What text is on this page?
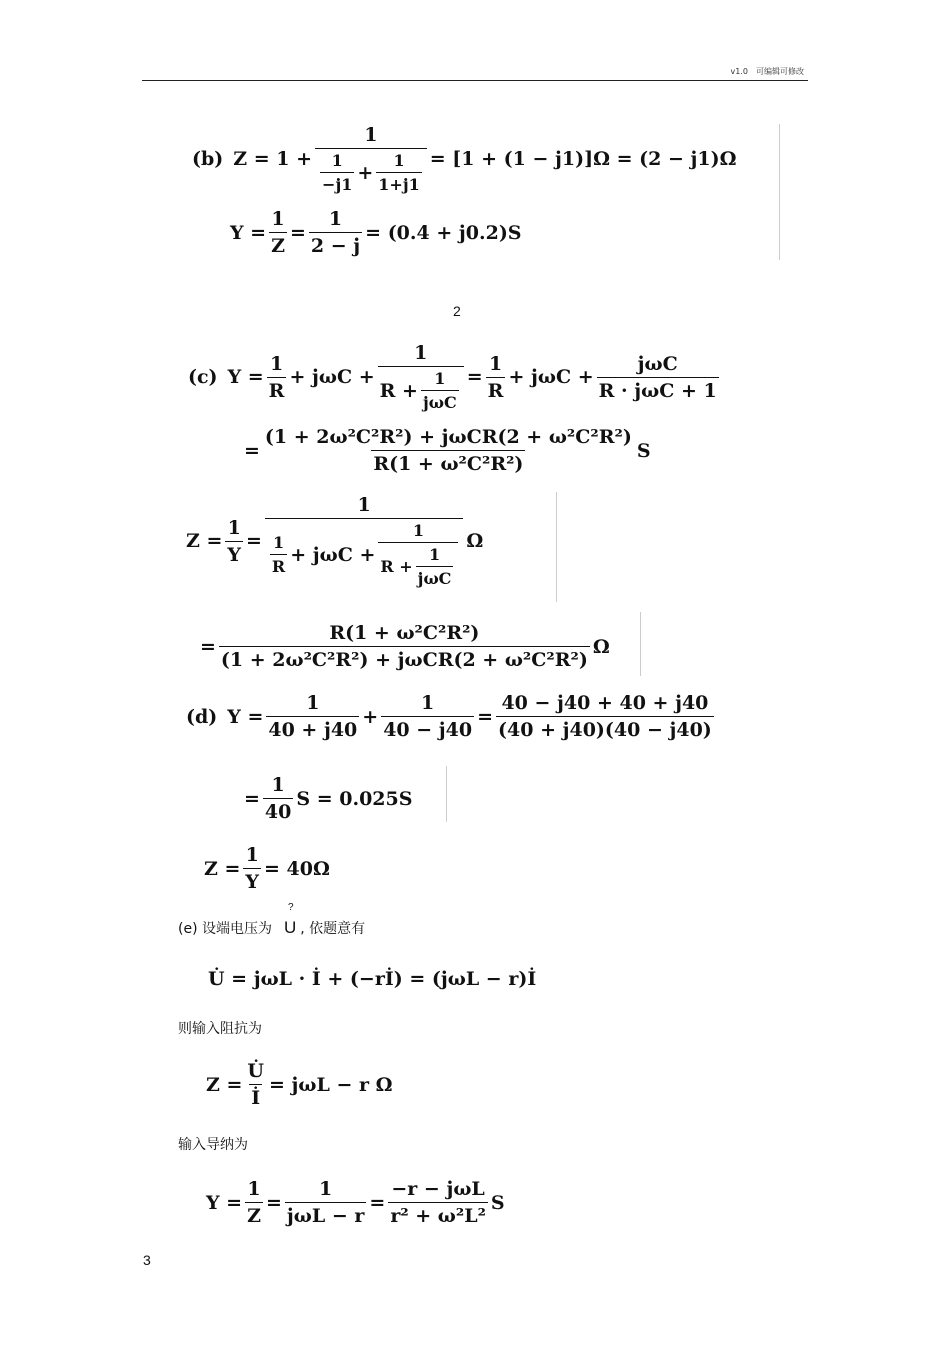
v1.0　可编辑可修改
(b) $Z = 1 + \frac{1}{\frac{1}{-j1} + \frac{1}{1+j1}} = [1 + (1 - j1)]\Omega = (2 - j1)\Omega$
$Y = \frac{1}{Z} = \frac{1}{2 - j} = (0.4 + j0.2)S$
2
(c) $Y = \frac{1}{R} + j\omega C + \frac{1}{R + \frac{1}{\text{jωC}}} = \frac{1}{R} + j\omega C + \frac{\text{jωC}}{\text{R · jωC + 1}}$
= $\frac{\text{(1 + 2ω²C²R²) + jωCR(2 + ω²C²R²)}}{\text{R(1 + ω²C²R²)}}$ S
$Z = \frac{1}{Y}$ =
1
$\frac{1}{R} + j\omega C + \frac{1}{R + \frac{1}{\text{jωC}}}$ Ω
= $\frac{\text{R(1 + ω²C²R²)}}{\text{(1 + 2ω²C²R²) + jωCR(2 + ω²C²R²)}}$ Ω
(d) $Y = \frac{1}{40 + j40} + \frac{1}{40 - j40} = \frac{40 - j40 + 40 + j40}{(40 + j40)(40 - j40)}$
= $\frac{1}{40}$ S = 0.025S
$Z = \frac{1}{Y} = 40\Omega$
(e) 设端电压为
?
U , 依题意有
U̇ = jωL · İ + (−rİ) = (jωL − r)İ
则输入阻抗为
$Z = \frac{U̇}{İ} = j\omega L - r$ Ω
输入导纳为
$Y = \frac{1}{Z} = \frac{1}{\text{jωL − r}} = \frac{\text{−r − jωL}}{\text{r² + ω²L²}}$ S
3
